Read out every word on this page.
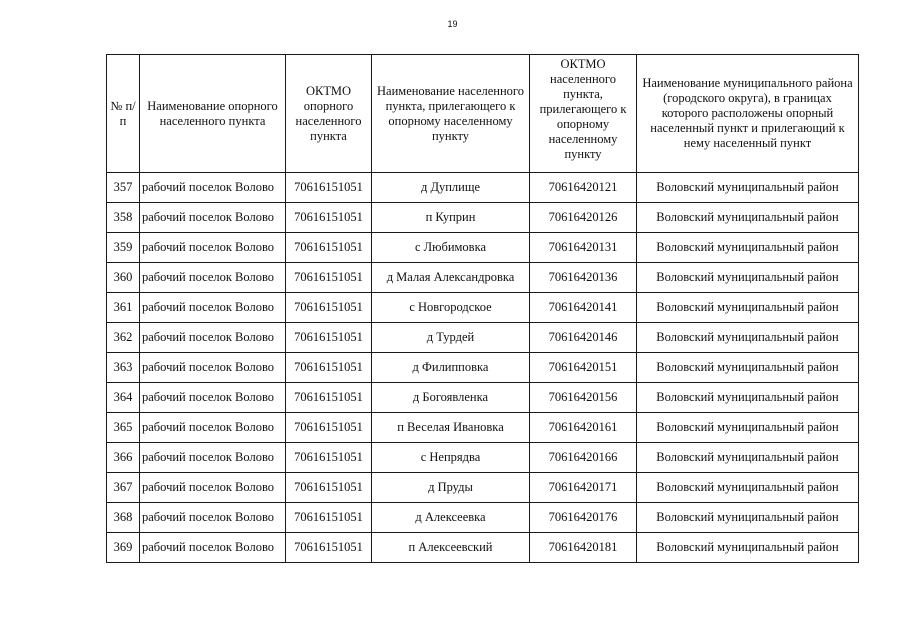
19
№ п/п	Наименование опорного населенного пункта	ОКТМО опорного населенного пункта	Наименование населенного пункта, прилегающего к опорному населенному пункту	ОКТМО населенного пункта, прилегающего к опорному населенному пункту	Наименование муниципального района (городского округа), в границах которого расположены опорный населенный пункт и прилегающий к нему населенный пункт
357	рабочий поселок Волово	70616151051	д Дуплище	70616420121	Воловский муниципальный район
358	рабочий поселок Волово	70616151051	п Куприн	70616420126	Воловский муниципальный район
359	рабочий поселок Волово	70616151051	с Любимовка	70616420131	Воловский муниципальный район
360	рабочий поселок Волово	70616151051	д Малая Александровка	70616420136	Воловский муниципальный район
361	рабочий поселок Волово	70616151051	с Новгородское	70616420141	Воловский муниципальный район
362	рабочий поселок Волово	70616151051	д Турдей	70616420146	Воловский муниципальный район
363	рабочий поселок Волово	70616151051	д Филипповка	70616420151	Воловский муниципальный район
364	рабочий поселок Волово	70616151051	д Богоявленка	70616420156	Воловский муниципальный район
365	рабочий поселок Волово	70616151051	п Веселая Ивановка	70616420161	Воловский муниципальный район
366	рабочий поселок Волово	70616151051	с Непрядва	70616420166	Воловский муниципальный район
367	рабочий поселок Волово	70616151051	д Пруды	70616420171	Воловский муниципальный район
368	рабочий поселок Волово	70616151051	д Алексеевка	70616420176	Воловский муниципальный район
369	рабочий поселок Волово	70616151051	п Алексеевский	70616420181	Воловский муниципальный район
